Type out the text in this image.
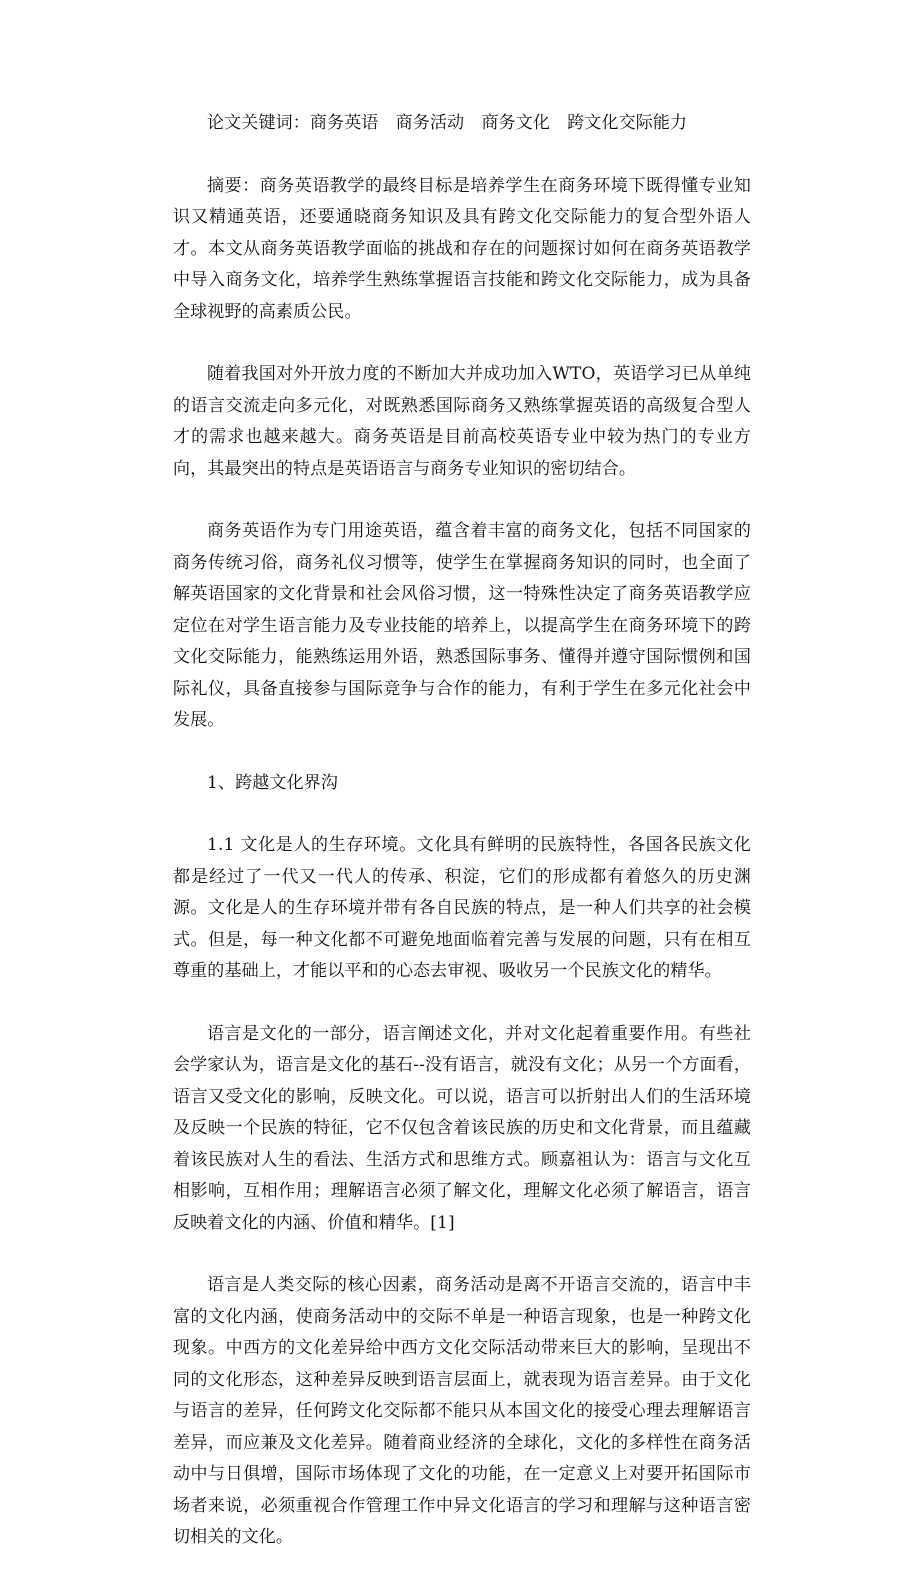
论文关键词：商务英语　商务活动　商务文化　跨文化交际能力

摘要：商务英语教学的最终目标是培养学生在商务环境下既得懂专业知识又精通英语，还要通晓商务知识及具有跨文化交际能力的复合型外语人才。本文从商务英语教学面临的挑战和存在的问题探讨如何在商务英语教学中导入商务文化，培养学生熟练掌握语言技能和跨文化交际能力，成为具备全球视野的高素质公民。

随着我国对外开放力度的不断加大并成功加入WTO，英语学习已从单纯的语言交流走向多元化，对既熟悉国际商务又熟练掌握英语的高级复合型人才的需求也越来越大。商务英语是目前高校英语专业中较为热门的专业方向，其最突出的特点是英语语言与商务专业知识的密切结合。

商务英语作为专门用途英语，蕴含着丰富的商务文化，包括不同国家的商务传统习俗，商务礼仪习惯等，使学生在掌握商务知识的同时，也全面了解英语国家的文化背景和社会风俗习惯，这一特殊性决定了商务英语教学应定位在对学生语言能力及专业技能的培养上，以提高学生在商务环境下的跨文化交际能力，能熟练运用外语，熟悉国际事务、懂得并遵守国际惯例和国际礼仪，具备直接参与国际竞争与合作的能力，有利于学生在多元化社会中发展。

1、跨越文化界沟

1.1 文化是人的生存环境。文化具有鲜明的民族特性，各国各民族文化都是经过了一代又一代人的传承、积淀，它们的形成都有着悠久的历史渊源。文化是人的生存环境并带有各自民族的特点，是一种人们共享的社会模式。但是，每一种文化都不可避免地面临着完善与发展的问题，只有在相互尊重的基础上，才能以平和的心态去审视、吸收另一个民族文化的精华。

语言是文化的一部分，语言阐述文化，并对文化起着重要作用。有些社会学家认为，语言是文化的基石--没有语言，就没有文化；从另一个方面看，语言又受文化的影响，反映文化。可以说，语言可以折射出人们的生活环境及反映一个民族的特征，它不仅包含着该民族的历史和文化背景，而且蕴藏着该民族对人生的看法、生活方式和思维方式。顾嘉祖认为：语言与文化互相影响，互相作用；理解语言必须了解文化，理解文化必须了解语言，语言反映着文化的内涵、价值和精华。[1]

语言是人类交际的核心因素，商务活动是离不开语言交流的，语言中丰富的文化内涵，使商务活动中的交际不单是一种语言现象，也是一种跨文化现象。中西方的文化差异给中西方文化交际活动带来巨大的影响，呈现出不同的文化形态，这种差异反映到语言层面上，就表现为语言差异。由于文化与语言的差异，任何跨文化交际都不能只从本国文化的接受心理去理解语言差异，而应兼及文化差异。随着商业经济的全球化，文化的多样性在商务活动中与日俱增，国际市场体现了文化的功能，在一定意义上对要开拓国际市场者来说，必须重视合作管理工作中异文化语言的学习和理解与这种语言密切相关的文化。
